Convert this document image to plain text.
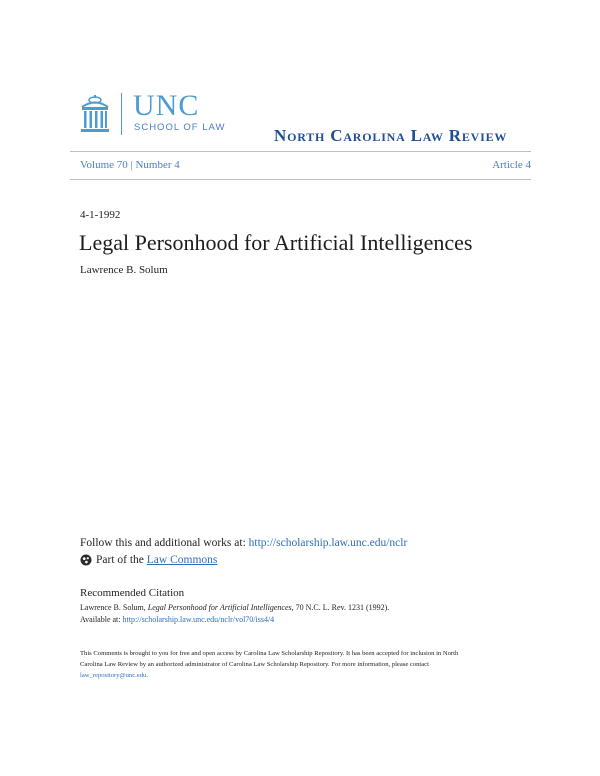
UNC
SCHOOL OF LAW	North Carolina Law Review
Volume 70 | Number 4	Article 4
4-1-1992
Legal Personhood for Artificial Intelligences
Lawrence B. Solum
Follow this and additional works at: http://scholarship.law.unc.edu/nclr
Part of the
Law Commons
Recommended Citation
Lawrence B. Solum, Legal Personhood for Artificial Intelligences, 70 N.C. L. Rev. 1231 (1992).
Available at: http://scholarship.law.unc.edu/nclr/vol70/iss4/4
This Comments is brought to you for free and open access by Carolina Law Scholarship Repository. It has been accepted for inclusion in North
Carolina Law Review by an authorized administrator of Carolina Law Scholarship Repository. For more information, please contact
law_repository@unc.edu.
